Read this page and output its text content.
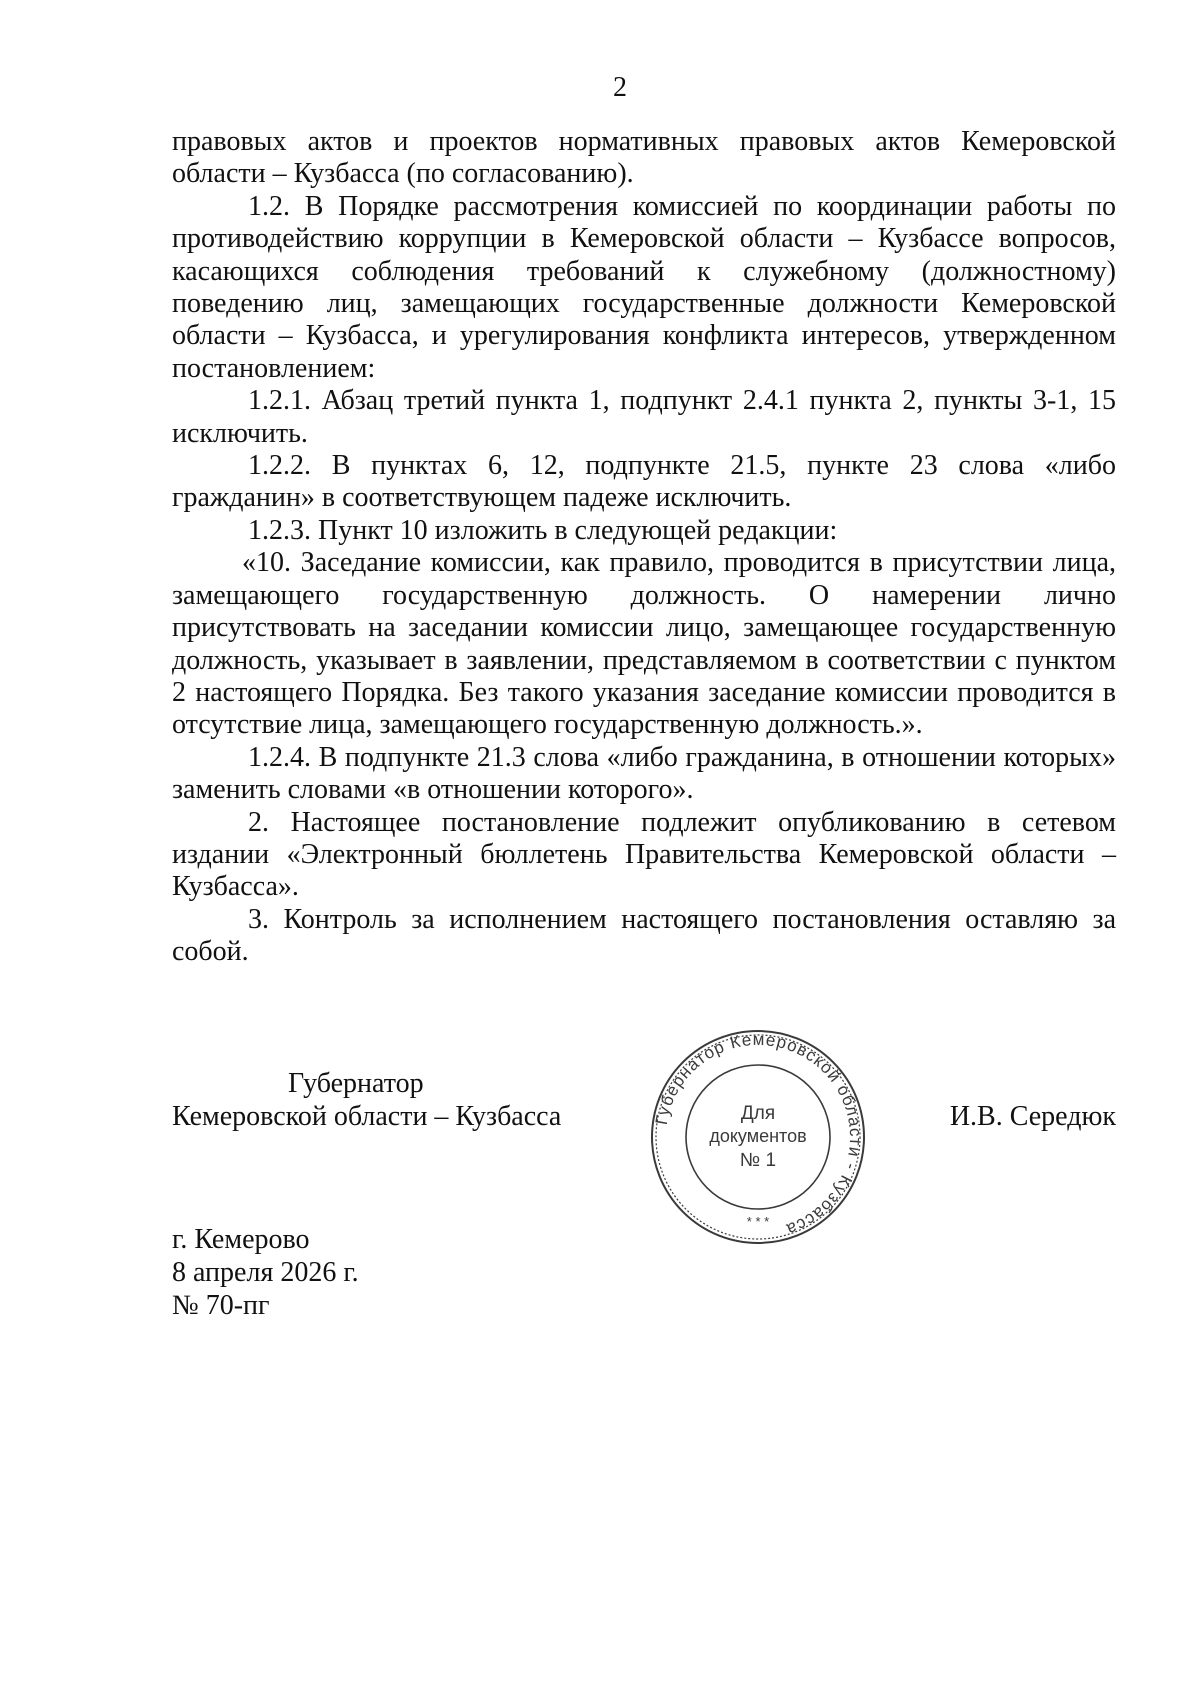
2

правовых актов и проектов нормативных правовых актов Кемеровской области – Кузбасса (по согласованию).

1.2. В Порядке рассмотрения комиссией по координации работы по противодействию коррупции в Кемеровской области – Кузбассе вопросов, касающихся соблюдения требований к служебному (должностному) поведению лиц, замещающих государственные должности Кемеровской области – Кузбасса, и урегулирования конфликта интересов, утвержденном постановлением:

1.2.1. Абзац третий пункта 1, подпункт 2.4.1 пункта 2, пункты 3-1, 15 исключить.

1.2.2. В пунктах 6, 12, подпункте 21.5, пункте 23 слова «либо гражданин» в соответствующем падеже исключить.

1.2.3. Пункт 10 изложить в следующей редакции:

«10. Заседание комиссии, как правило, проводится в присутствии лица, замещающего государственную должность. О намерении лично присутствовать на заседании комиссии лицо, замещающее государственную должность, указывает в заявлении, представляемом в соответствии с пунктом 2 настоящего Порядка. Без такого указания заседание комиссии проводится в отсутствие лица, замещающего государственную должность.».

1.2.4. В подпункте 21.3 слова «либо гражданина, в отношении которых» заменить словами «в отношении которого».

2. Настоящее постановление подлежит опубликованию в сетевом издании «Электронный бюллетень Правительства Кемеровской области – Кузбасса».

3. Контроль за исполнением настоящего постановления оставляю за собой.

Губернатор
Кемеровской области – Кузбасса	Губернатор Кемеровской области - Кузбасса
Для
документов
№ 1
* * *
И.В. Середюк
г. Кемерово
8 апреля 2026 г.
№ 70-пг
